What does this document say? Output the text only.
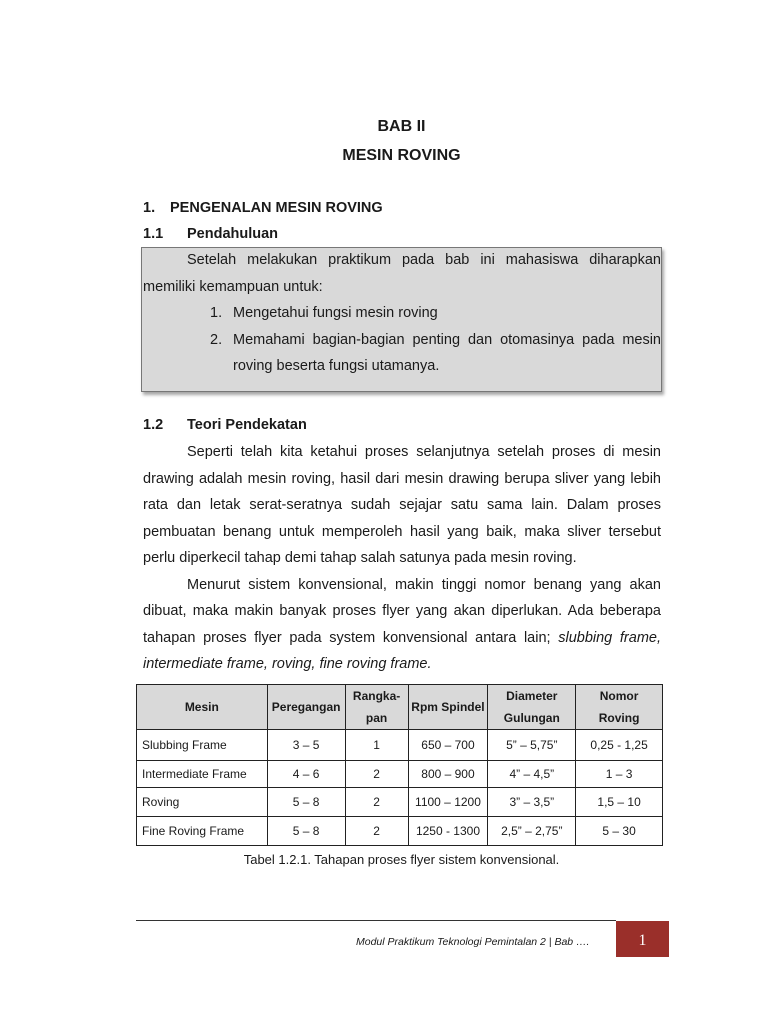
BAB II
MESIN ROVING
1. PENGENALAN MESIN ROVING
1.1 Pendahuluan

Setelah melakukan praktikum pada bab ini mahasiswa diharapkan memiliki kemampuan untuk:

1. Mengetahui fungsi mesin roving
2. Memahami bagian-bagian penting dan otomasinya pada mesin roving beserta fungsi utamanya.
1.2 Teori Pendekatan

Seperti telah kita ketahui proses selanjutnya setelah proses di mesin drawing adalah mesin roving, hasil dari mesin drawing berupa sliver yang lebih rata dan letak serat-seratnya sudah sejajar satu sama lain. Dalam proses pembuatan benang untuk memperoleh hasil yang baik, maka sliver tersebut perlu diperkecil tahap demi tahap salah satunya pada mesin roving.

Menurut sistem konvensional, makin tinggi nomor benang yang akan dibuat, maka makin banyak proses flyer yang akan diperlukan. Ada beberapa tahapan proses flyer pada system konvensional antara lain; slubbing frame, intermediate frame, roving, fine roving frame.

Mesin	Peregangan	Rangka-pan	Rpm Spindel	Diameter Gulungan	Nomor Roving
Slubbing Frame	3 – 5	1	650 – 700	5” – 5,75”	0,25 - 1,25
Intermediate Frame	4 – 6	2	800 – 900	4” – 4,5”	1 – 3
Roving	5 – 8	2	1100 – 1200	3” – 3,5”	1,5 – 10
Fine Roving Frame	5 – 8	2	1250 - 1300	2,5” – 2,75”	5 – 30
Tabel 1.2.1. Tahapan proses flyer sistem konvensional.
Modul Praktikum Teknologi Pemintalan 2 | Bab ….	1
